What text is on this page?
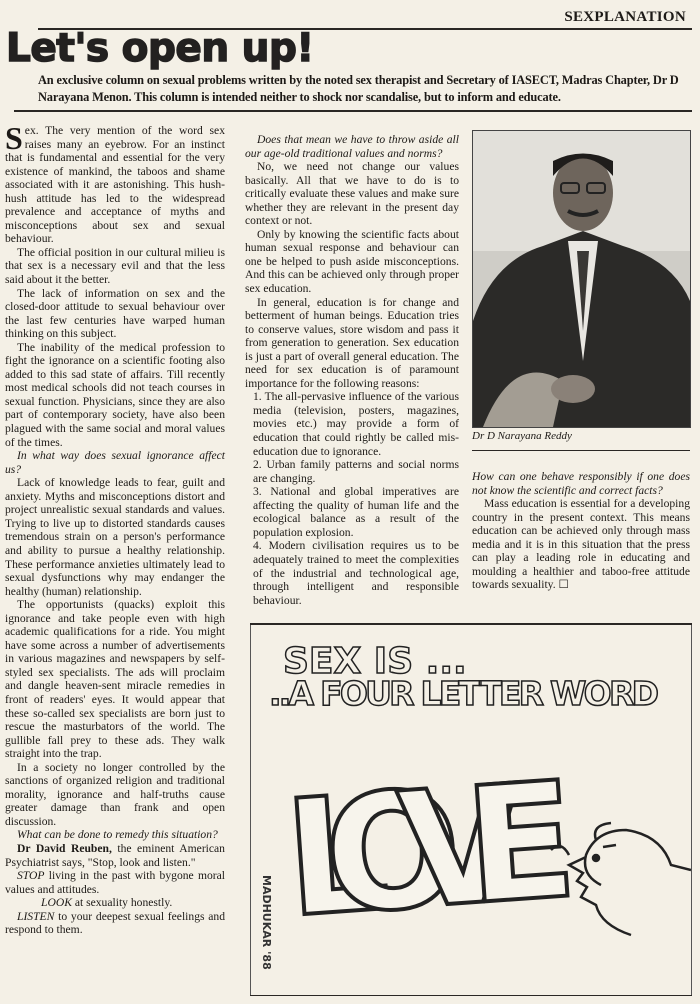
SEXPLANATION
Let's open up!
An exclusive column on sexual problems written by the noted sex therapist and Secretary of IASECT, Madras Chapter, Dr D Narayana Menon. This column is intended neither to shock nor scandalise, but to inform and educate.

Sex. The very mention of the word sex raises many an eyebrow. For an instinct that is fundamental and essential for the very existence of mankind, the taboos and shame associated with it are astonishing. This hush-hush attitude has led to the widespread prevalence and acceptance of myths and misconceptions about sex and sexual behaviour.

The official position in our cultural milieu is that sex is a necessary evil and that the less said about it the better.

The lack of information on sex and the closed-door attitude to sexual behaviour over the last few centuries have warped human thinking on this subject.

The inability of the medical profession to fight the ignorance on a scientific footing also added to this sad state of affairs. Till recently most medical schools did not teach courses in sexual function. Physicians, since they are also part of contemporary society, have also been plagued with the same social and moral values of the times.

In what way does sexual ignorance affect us?

Lack of knowledge leads to fear, guilt and anxiety. Myths and misconceptions distort and project unrealistic sexual standards and values. Trying to live up to distorted standards causes tremendous strain on a person's performance and ability to pursue a healthy relationship. These performance anxieties ultimately lead to sexual dysfunctions why may endanger the healthy (human) relationship.

The opportunists (quacks) exploit this ignorance and take people even with high academic qualifications for a ride. You might have some across a number of advertisements in various magazines and newspapers by self-styled sex specialists. The ads will proclaim and dangle heaven-sent miracle remedies in front of readers' eyes. It would appear that these so-called sex specialists are born just to rescue the masturbators of the world. The gullible fall prey to these ads. They walk straight into the trap.

In a society no longer controlled by the sanctions of organized religion and traditional morality, ignorance and half-truths cause greater damage than frank and open discussion.

What can be done to remedy this situation?

Dr David Reuben, the eminent American Psychiatrist says, "Stop, look and listen."

STOP living in the past with bygone moral values and attitudes.

LOOK at sexuality honestly.

LISTEN to your deepest sexual feelings and respond to them.

Does that mean we have to throw aside all our age-old traditional values and norms?

No, we need not change our values basically. All that we have to do is to critically evaluate these values and make sure whether they are relevant in the present day context or not.

Only by knowing the scientific facts about human sexual response and behaviour can one be helped to push aside misconceptions. And this can be achieved only through proper sex education.

In general, education is for change and betterment of human beings. Education tries to conserve values, store wisdom and pass it from generation to generation. Sex education is just a part of overall general education. The need for sex education is of paramount importance for the following reasons:

1. The all-pervasive influence of the various media (television, posters, magazines, movies etc.) may provide a form of education that could rightly be called mis-education due to ignorance.

2. Urban family patterns and social norms are changing.

3. National and global imperatives are affecting the quality of human life and the ecological balance as a result of the population explosion.

4. Modern civilisation requires us to be adequately trained to meet the complexities of the industrial and technological age, through intelligent and responsible behaviour.

Dr D Narayana Reddy

How can one behave responsibly if one does not know the scientific and correct facts?

Mass education is essential for a developing country in the present context. This means education can be achieved only through mass media and it is in this situation that the press can play a leading role in educating and moulding a healthier and taboo-free attitude towards sexuality. ☐

SEX IS ...
..A FOUR LETTER WORD
LOVE
MADHUKAR '88
